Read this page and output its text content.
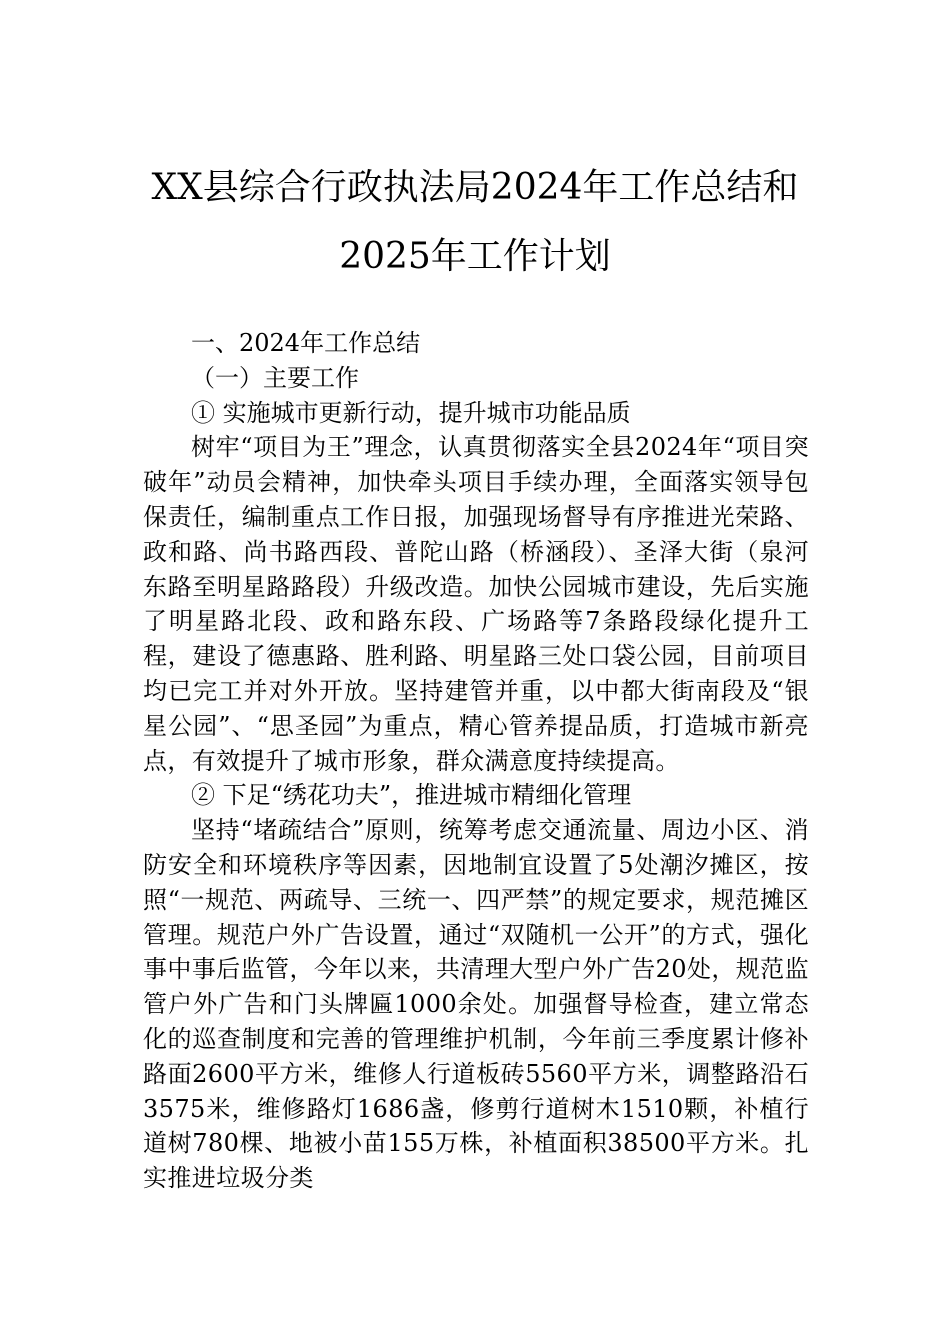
XX县综合行政执法局2024年工作总结和
2025年工作计划

一、2024年工作总结

（一）主要工作

① 实施城市更新行动，提升城市功能品质

树牢“项目为王”理念，认真贯彻落实全县2024年“项目突破年”动员会精神，加快牵头项目手续办理，全面落实领导包保责任，编制重点工作日报，加强现场督导有序推进光荣路、政和路、尚书路西段、普陀山路（桥涵段）、圣泽大街（泉河东路至明星路路段）升级改造。加快公园城市建设，先后实施了明星路北段、政和路东段、广场路等7条路段绿化提升工程，建设了德惠路、胜利路、明星路三处口袋公园，目前项目均已完工并对外开放。坚持建管并重，以中都大街南段及“银星公园”、“思圣园”为重点，精心管养提品质，打造城市新亮点，有效提升了城市形象，群众满意度持续提高。

② 下足“绣花功夫”，推进城市精细化管理

坚持“堵疏结合”原则，统筹考虑交通流量、周边小区、消防安全和环境秩序等因素，因地制宜设置了5处潮汐摊区，按照“一规范、两疏导、三统一、四严禁”的规定要求，规范摊区管理。规范户外广告设置，通过“双随机一公开”的方式，强化事中事后监管，今年以来，共清理大型户外广告20处，规范监管户外广告和门头牌匾1000余处。加强督导检查，建立常态化的巡查制度和完善的管理维护机制，今年前三季度累计修补路面2600平方米，维修人行道板砖5560平方米，调整路沿石3575米，维修路灯1686盏，修剪行道树木1510颗，补植行道树780棵、地被小苗155万株，补植面积38500平方米。扎实推进垃圾分类
